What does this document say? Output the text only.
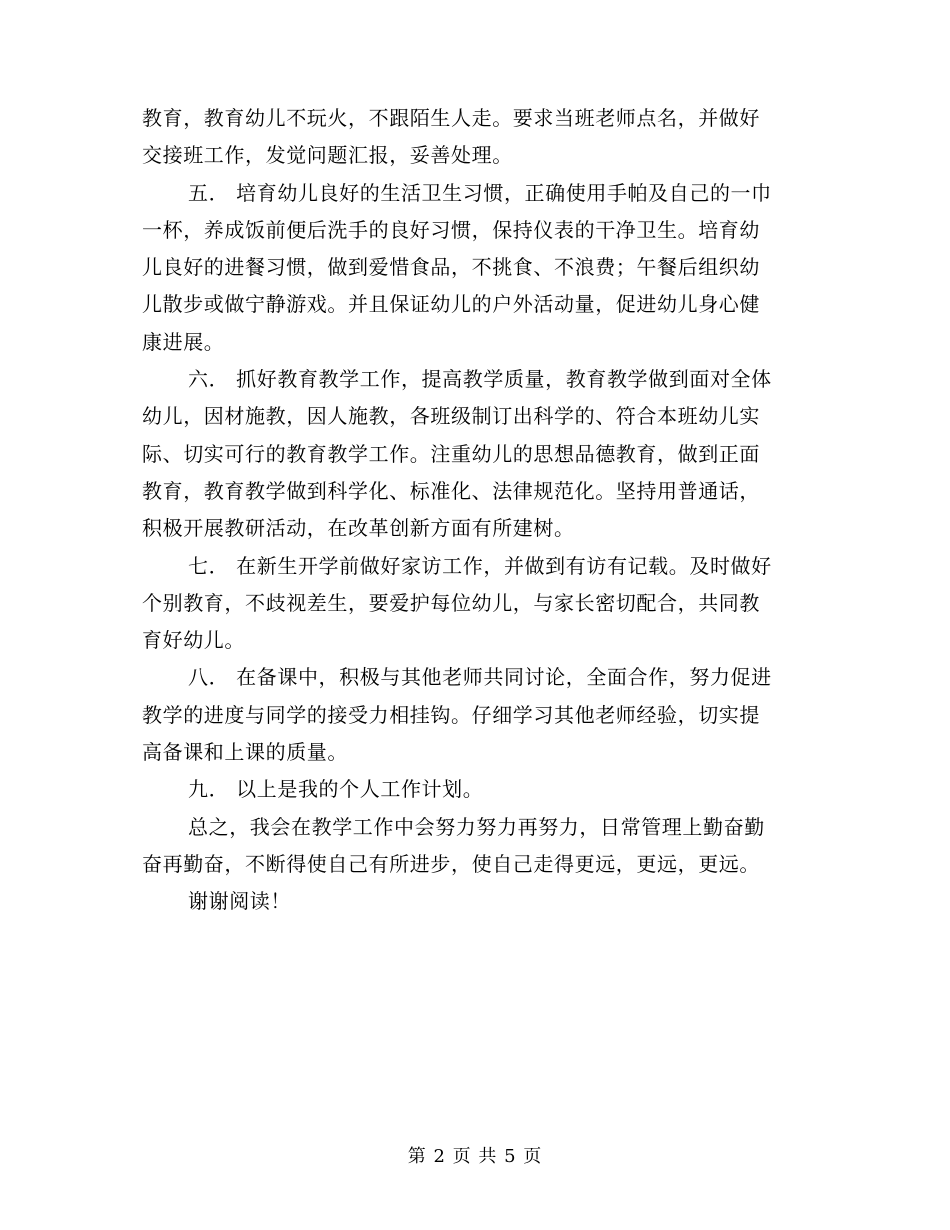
教育，教育幼儿不玩火，不跟陌生人走。要求当班老师点名，并做好
交接班工作，发觉问题汇报，妥善处理。
五． 培育幼儿良好的生活卫生习惯，正确使用手帕及自己的一巾
一杯，养成饭前便后洗手的良好习惯，保持仪表的干净卫生。培育幼
儿良好的进餐习惯，做到爱惜食品，不挑食、不浪费；午餐后组织幼
儿散步或做宁静游戏。并且保证幼儿的户外活动量，促进幼儿身心健
康进展。
六． 抓好教育教学工作，提高教学质量，教育教学做到面对全体
幼儿，因材施教，因人施教，各班级制订出科学的、符合本班幼儿实
际、切实可行的教育教学工作。注重幼儿的思想品德教育，做到正面
教育，教育教学做到科学化、标准化、法律规范化。坚持用普通话，
积极开展教研活动，在改革创新方面有所建树。
七． 在新生开学前做好家访工作，并做到有访有记载。及时做好
个别教育，不歧视差生，要爱护每位幼儿，与家长密切配合，共同教
育好幼儿。
八． 在备课中，积极与其他老师共同讨论，全面合作，努力促进
教学的进度与同学的接受力相挂钩。仔细学习其他老师经验，切实提
高备课和上课的质量。
九． 以上是我的个人工作计划。
总之，我会在教学工作中会努力努力再努力，日常管理上勤奋勤
奋再勤奋，不断得使自己有所进步，使自己走得更远，更远，更远。
谢谢阅读！
第 2 页 共 5 页
